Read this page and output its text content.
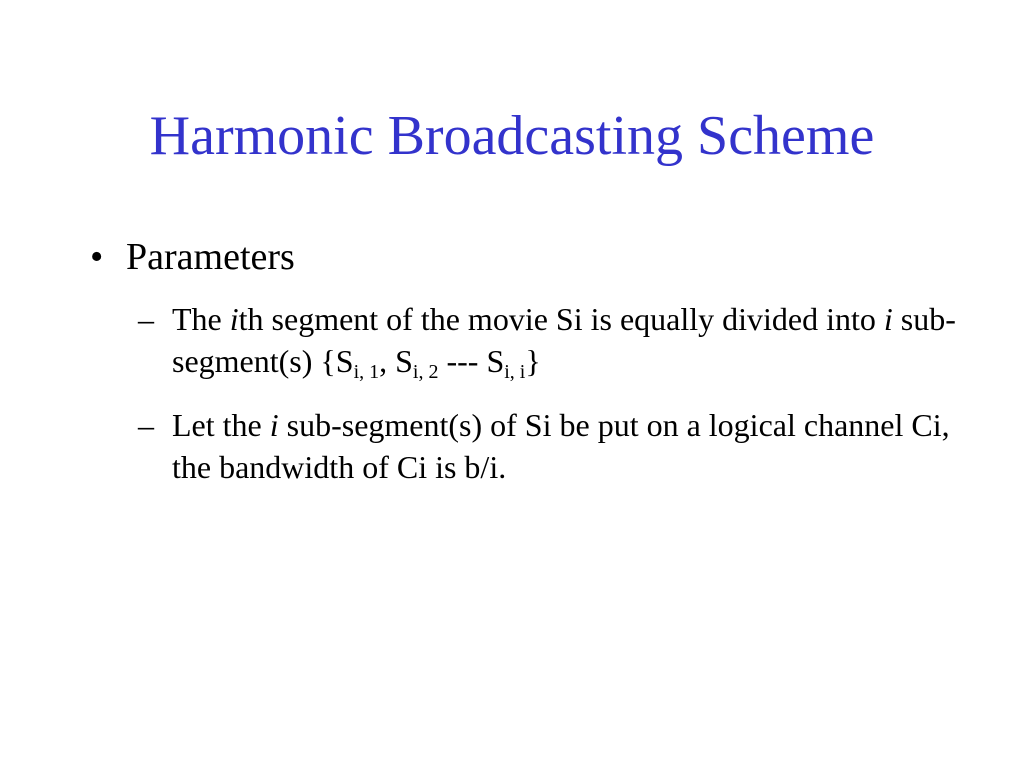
Harmonic Broadcasting Scheme
• Parameters
– The ith segment of the movie Si is equally divided into i sub-segment(s) {$S_{i, 1}$, $S_{i, 2}$ --- $S_{i, i}$}
– Let the i sub-segment(s) of Si be put on a logical channel Ci, the bandwidth of Ci is b/i.
